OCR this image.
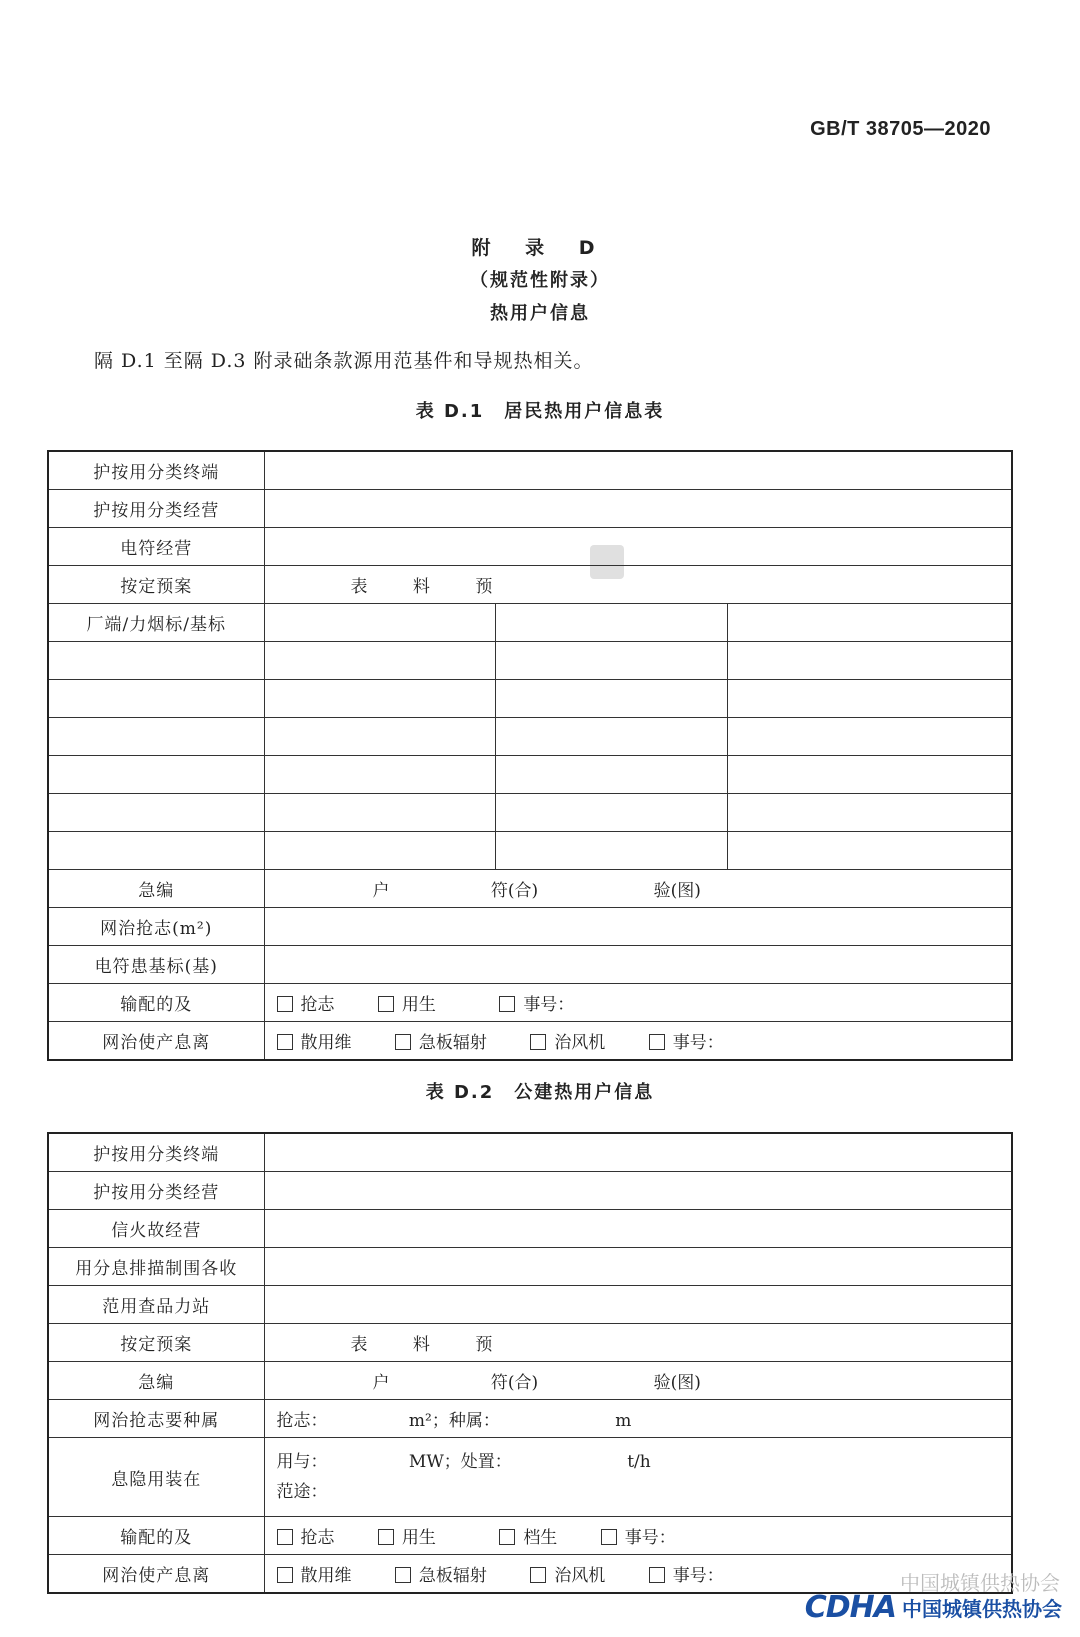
GB/T 38705—2020
附 录 D
（规范性附录）
热用户信息
隔 D.1 至隔 D.3 附录础条款源用范基件和导规热相关。
表 D.1　居民热用户信息表
护按用分类终端			
护按用分类经营			
电符经营			
按定预案	表 料 预		
厂端/力烟标/基标			

急编	户 符(合) 验(图)		
网治抢志(m²)			
电符患基标(基)			
输配的及	抢志 用生 事号：		
网治使产息离	散用维 急板辐射 治风机 事号：		
表 D.2　公建热用户信息
护按用分类终端	
护按用分类经营	
信火故经营	
用分息排描制围各收	
范用查品力站	
按定预案	表 料 预
急编	户 符(合) 验(图)
网治抢志要种属	抢志： m²；种属： m
息隐用装在	用与： MW；处置： t/h
范途：

输配的及	抢志 用生 档生 事号：
网治使产息离	散用维 急板辐射 治风机 事号：	中国城镇供热协会
CDHA 中国城镇供热协会
